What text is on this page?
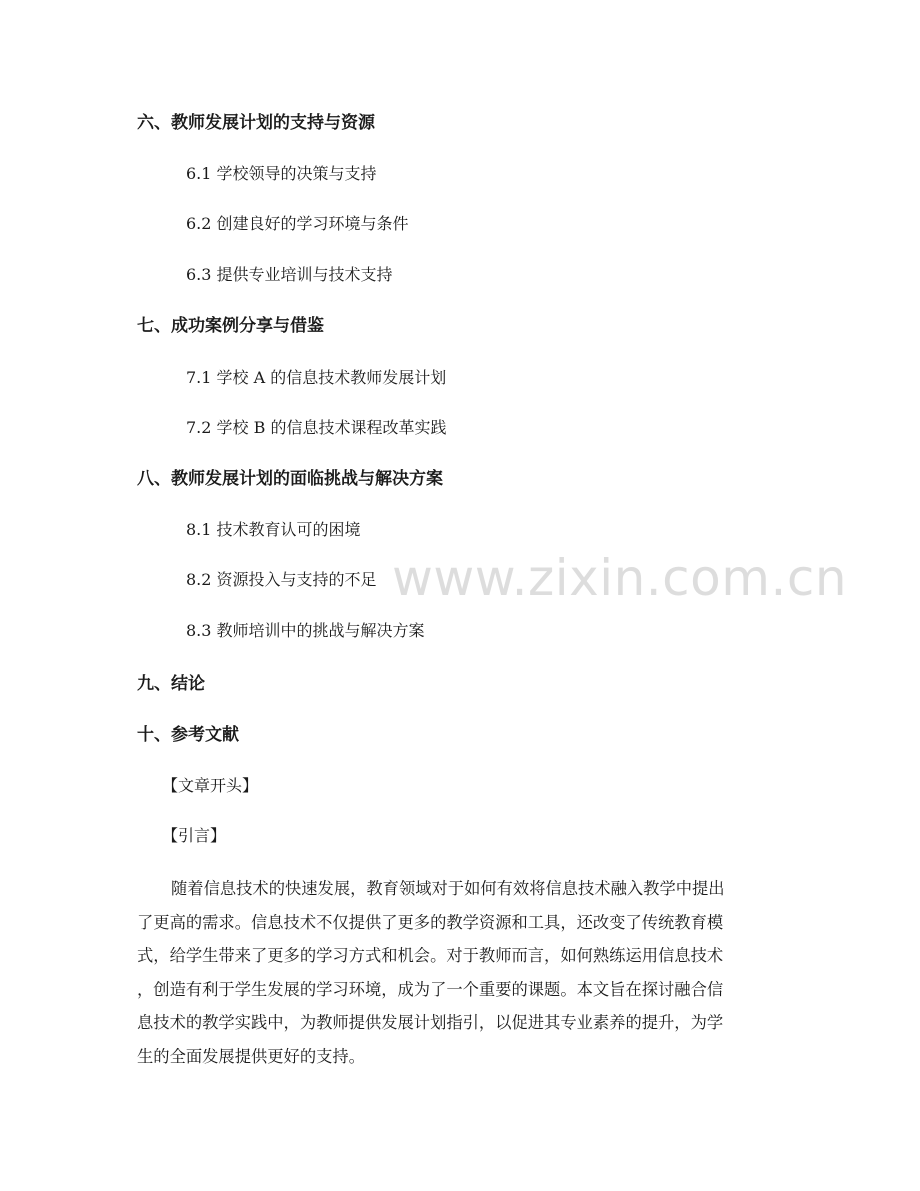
六、教师发展计划的支持与资源
6.1 学校领导的决策与支持
6.2 创建良好的学习环境与条件
6.3 提供专业培训与技术支持
七、成功案例分享与借鉴
7.1 学校 A 的信息技术教师发展计划
7.2 学校 B 的信息技术课程改革实践
八、教师发展计划的面临挑战与解决方案
8.1 技术教育认可的困境
8.2 资源投入与支持的不足
8.3 教师培训中的挑战与解决方案
九、结论
十、参考文献
【文章开头】
【引言】
随着信息技术的快速发展，教育领域对于如何有效将信息技术融入教学中提出
了更高的需求。信息技术不仅提供了更多的教学资源和工具，还改变了传统教育模
式，给学生带来了更多的学习方式和机会。对于教师而言，如何熟练运用信息技术
，创造有利于学生发展的学习环境，成为了一个重要的课题。本文旨在探讨融合信
息技术的教学实践中，为教师提供发展计划指引，以促进其专业素养的提升，为学
生的全面发展提供更好的支持。
www.zixin.com.cn
